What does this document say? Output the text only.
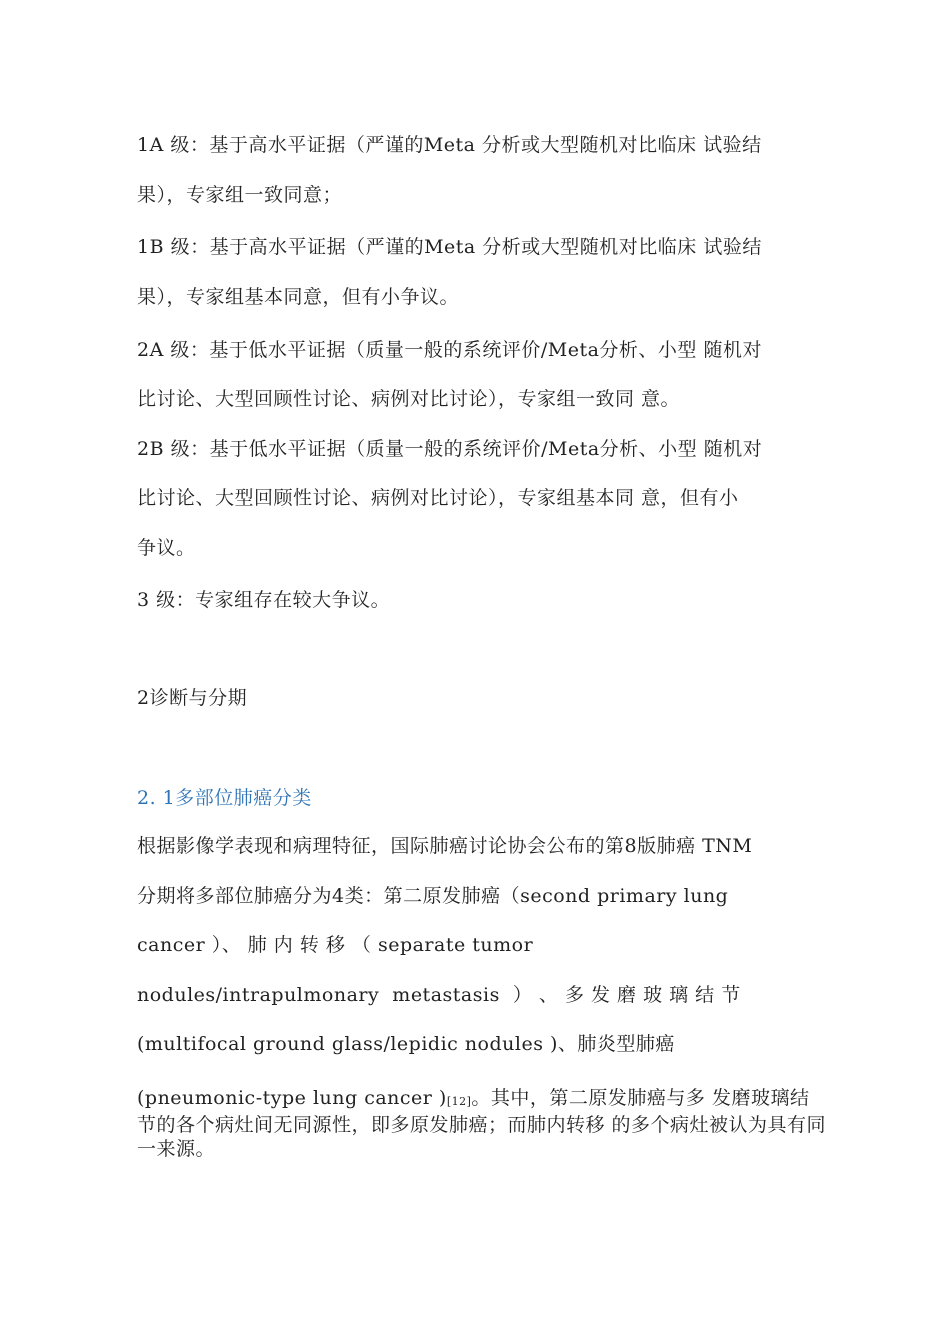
1A 级：基于高水平证据（严谨的Meta 分析或大型随机对比临床 试验结
果），专家组一致同意；
1B 级：基于高水平证据（严谨的Meta 分析或大型随机对比临床 试验结
果），专家组基本同意，但有小争议。
2A 级：基于低水平证据（质量一般的系统评价/Meta分析、小型 随机对
比讨论、大型回顾性讨论、病例对比讨论），专家组一致同 意。
2B 级：基于低水平证据（质量一般的系统评价/Meta分析、小型 随机对
比讨论、大型回顾性讨论、病例对比讨论），专家组基本同 意，但有小
争议。
3 级：专家组存在较大争议。
2诊断与分期
2. 1多部位肺癌分类
根据影像学表现和病理特征，国际肺癌讨论协会公布的第8版肺癌 TNM
分期将多部位肺癌分为4类：第二原发肺癌（second primary lung
cancer ）、 肺 内 转 移 （ separate tumor
nodules/intrapulmonary  metastasis  ） 、 多 发 磨 玻 璃 结 节
(multifocal ground glass/lepidic nodules )、肺炎型肺癌
(pneumonic-type lung cancer )[12]。其中，第二原发肺癌与多 发磨玻璃结节的各个病灶间无同源性，即多原发肺癌；而肺内转移 的多个病灶被认为具有同一来源。
